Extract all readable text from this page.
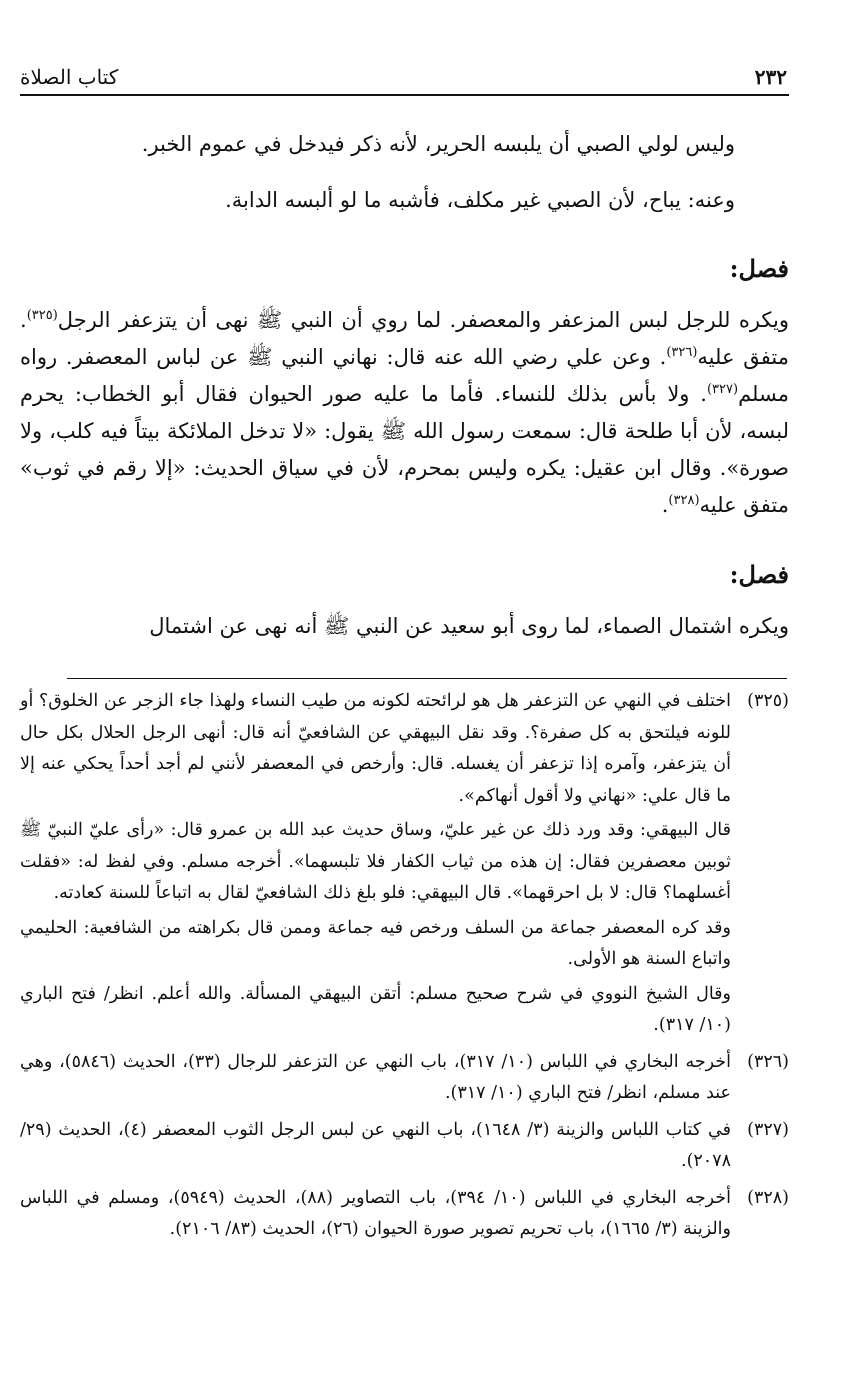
٢٣٢
كتاب الصلاة
وليس لولي الصبي أن يلبسه الحرير، لأنه ذكر فيدخل في عموم الخبر.
وعنه: يباح، لأن الصبي غير مكلف، فأشبه ما لو ألبسه الدابة.
فصل:
ويكره للرجل لبس المزعفر والمعصفر. لما روي أن النبي ﷺ نهى أن يتزعفر الرجل$^{(٣٢٥)}$. متفق عليه$^{(٣٢٦)}$. وعن علي رضي الله عنه قال: نهاني النبي ﷺ عن لباس المعصفر. رواه مسلم$^{(٣٢٧)}$. ولا بأس بذلك للنساء. فأما ما عليه صور الحيوان فقال أبو الخطاب: يحرم لبسه، لأن أبا طلحة قال: سمعت رسول الله ﷺ يقول: «لا تدخل الملائكة بيتاً فيه كلب، ولا صورة». وقال ابن عقيل: يكره وليس بمحرم، لأن في سياق الحديث: «إلا رقم في ثوب» متفق عليه$^{(٣٢٨)}$.
فصل:
ويكره اشتمال الصماء، لما روى أبو سعيد عن النبي ﷺ أنه نهى عن اشتمال
(٣٢٥)

اختلف في النهي عن التزعفر هل هو لرائحته لكونه من طيب النساء ولهذا جاء الزجر عن الخلوق؟ أو للونه فيلتحق به كل صفرة؟. وقد نقل البيهقي عن الشافعيّ أنه قال: أنهى الرجل الحلال بكل حال أن يتزعفر، وآمره إذا تزعفر أن يغسله. قال: وأرخص في المعصفر لأنني لم أجد أحداً يحكي عنه إلا ما قال علي: «نهاني ولا أقول أنهاكم».

قال البيهقي: وقد ورد ذلك عن غير عليّ، وساق حديث عبد الله بن عمرو قال: «رأى عليّ النبيّ ﷺ ثوبين معصفرين فقال: إن هذه من ثياب الكفار فلا تلبسهما». أخرجه مسلم. وفي لفظ له: «فقلت أغسلهما؟ قال: لا بل احرقهما». قال البيهقي: فلو بلغ ذلك الشافعيّ لقال به اتباعاً للسنة كعادته.

وقد كره المعصفر جماعة من السلف ورخص فيه جماعة وممن قال بكراهته من الشافعية: الحليمي واتباع السنة هو الأولى.

وقال الشيخ النووي في شرح صحيح مسلم: أتقن البيهقي المسألة. والله أعلم. انظر/ فتح الباري (١٠/ ٣١٧).

(٣٢٦)

أخرجه البخاري في اللباس (١٠/ ٣١٧)، باب النهي عن التزعفر للرجال (٣٣)، الحديث (٥٨٤٦)، وهي عند مسلم، انظر/ فتح الباري (١٠/ ٣١٧).

(٣٢٧)

في كتاب اللباس والزينة (٣/ ١٦٤٨)، باب النهي عن لبس الرجل الثوب المعصفر (٤)، الحديث (٢٩/ ٢٠٧٨).

(٣٢٨)

أخرجه البخاري في اللباس (١٠/ ٣٩٤)، باب التصاوير (٨٨)، الحديث (٥٩٤٩)، ومسلم في اللباس والزينة (٣/ ١٦٦٥)، باب تحريم تصوير صورة الحيوان (٢٦)، الحديث (٨٣/ ٢١٠٦).
